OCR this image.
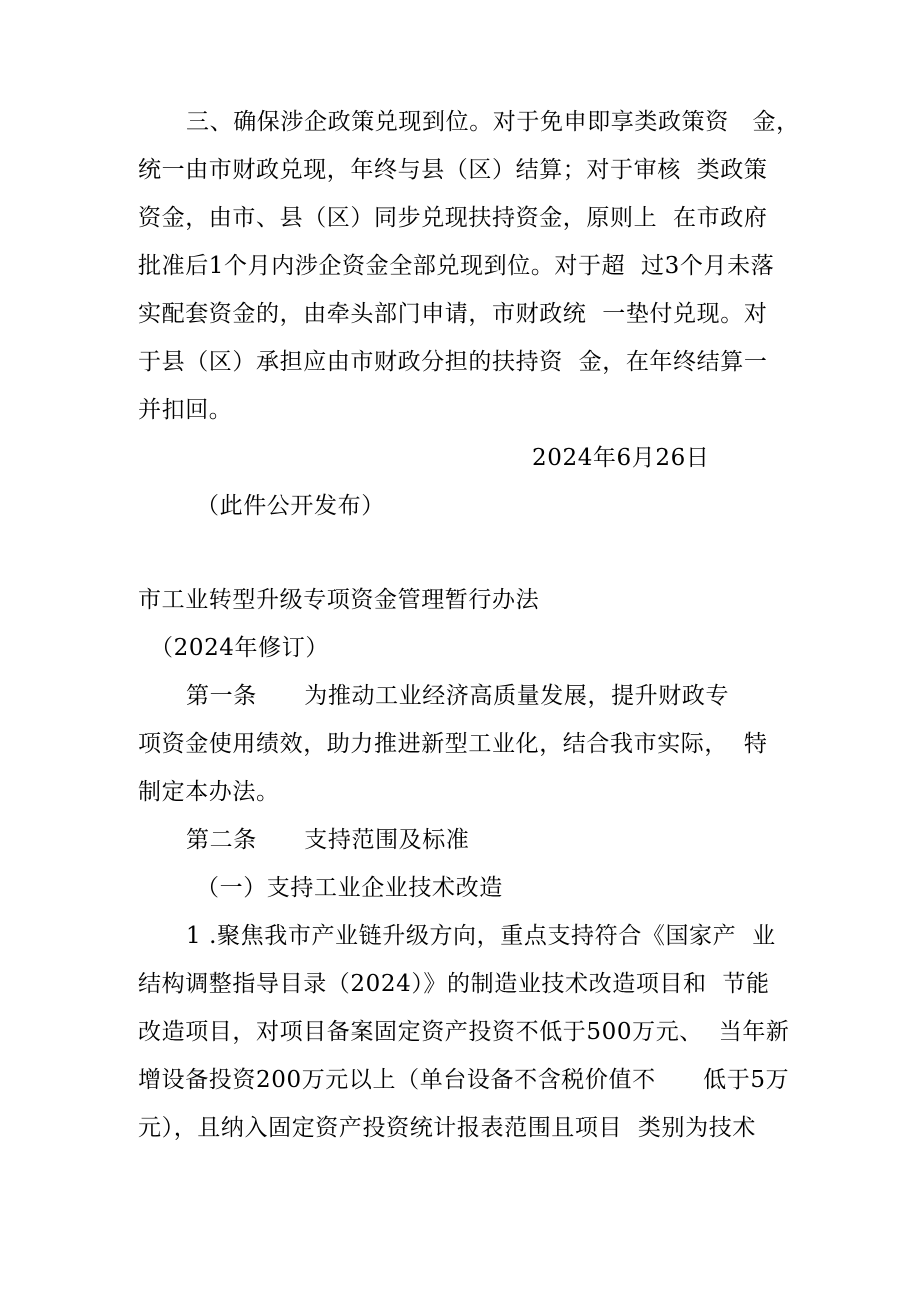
三、确保涉企政策兑现到位。对于免申即享类政策资   金，
统一由市财政兑现，年终与县（区）结算；对于审核  类政策
资金，由市、县（区）同步兑现扶持资金，原则上  在市政府
批准后1个月内涉企资金全部兑现到位。对于超  过3个月未落
实配套资金的，由牵头部门申请，市财政统  一垫付兑现。对
于县（区）承担应由市财政分担的扶持资  金，在年终结算一
并扣回。
2024年6月26日
（此件公开发布）
市工业转型升级专项资金管理暂行办法
（2024年修订）
第一条      为推动工业经济高质量发展，提升财政专
项资金使用绩效，助力推进新型工业化，结合我市实际，  特
制定本办法。
第二条      支持范围及标准
（一）支持工业企业技术改造
1 .聚焦我市产业链升级方向，重点支持符合《国家产  业
结构调整指导目录（2024）》的制造业技术改造项目和  节能
改造项目，对项目备案固定资产投资不低于500万元、  当年新
增设备投资200万元以上（单台设备不含税价值不      低于5万
元），且纳入固定资产投资统计报表范围且项目  类别为技术
